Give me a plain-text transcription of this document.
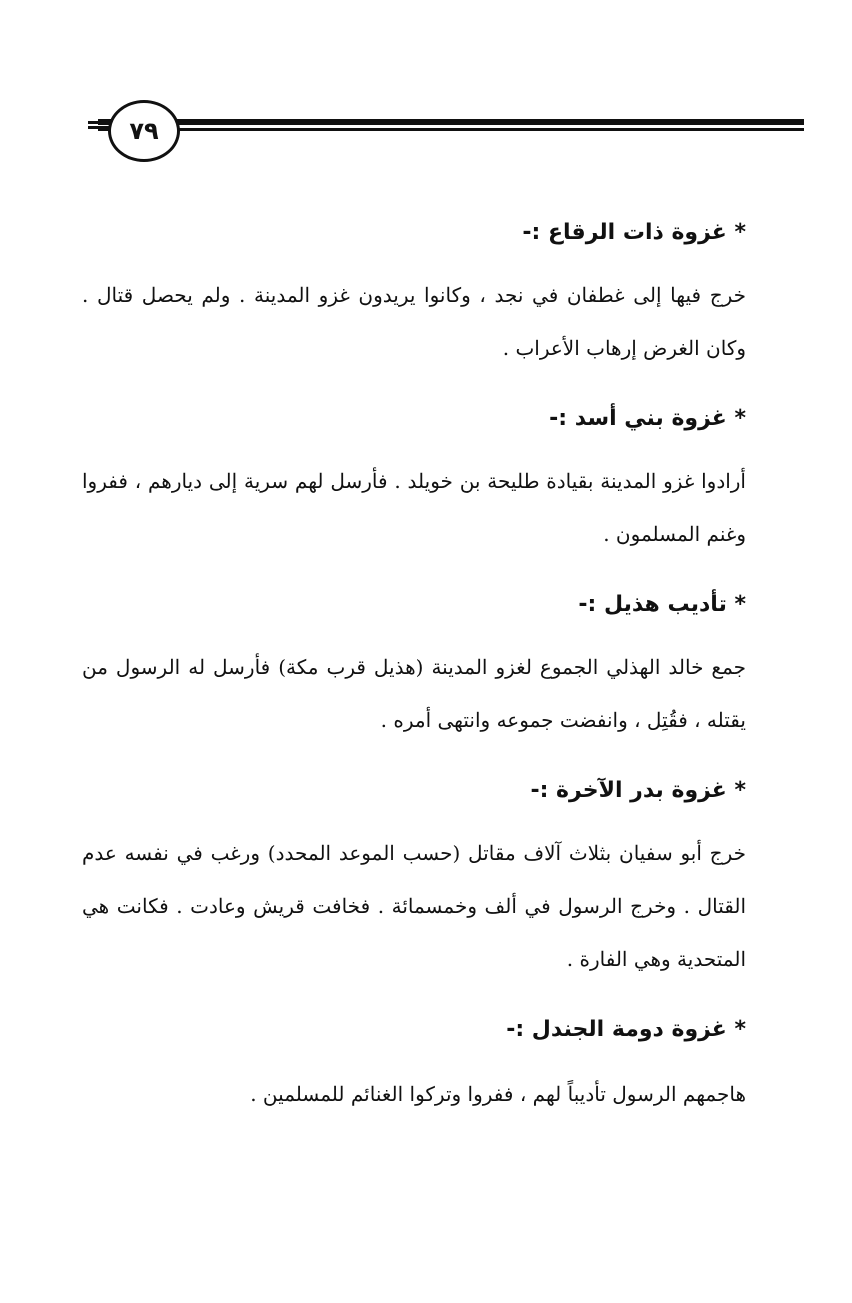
٧٩
* غزوة ذات الرقاع :-

خرج فيها إلى غطفان في نجد ، وكانوا يريدون غزو المدينة . ولم يحصل قتال . وكان الغرض إرهاب الأعراب .

* غزوة بني أسد :-

أرادوا غزو المدينة بقيادة طليحة بن خويلد . فأرسل لهم سرية إلى ديارهم ، ففروا وغنم المسلمون .

* تأديب هذيل :-

جمع خالد الهذلي الجموع لغزو المدينة (هذيل قرب مكة) فأرسل له الرسول من يقتله ، فقُتِل ، وانفضت جموعه وانتهى أمره .

* غزوة بدر الآخرة :-

خرج أبو سفيان بثلاث آلاف مقاتل (حسب الموعد المحدد) ورغب في نفسه عدم القتال . وخرج الرسول في ألف وخمسمائة . فخافت قريش وعادت . فكانت هي المتحدية وهي الفارة .

* غزوة دومة الجندل :-

هاجمهم الرسول تأديباً لهم ، ففروا وتركوا الغنائم للمسلمين .
